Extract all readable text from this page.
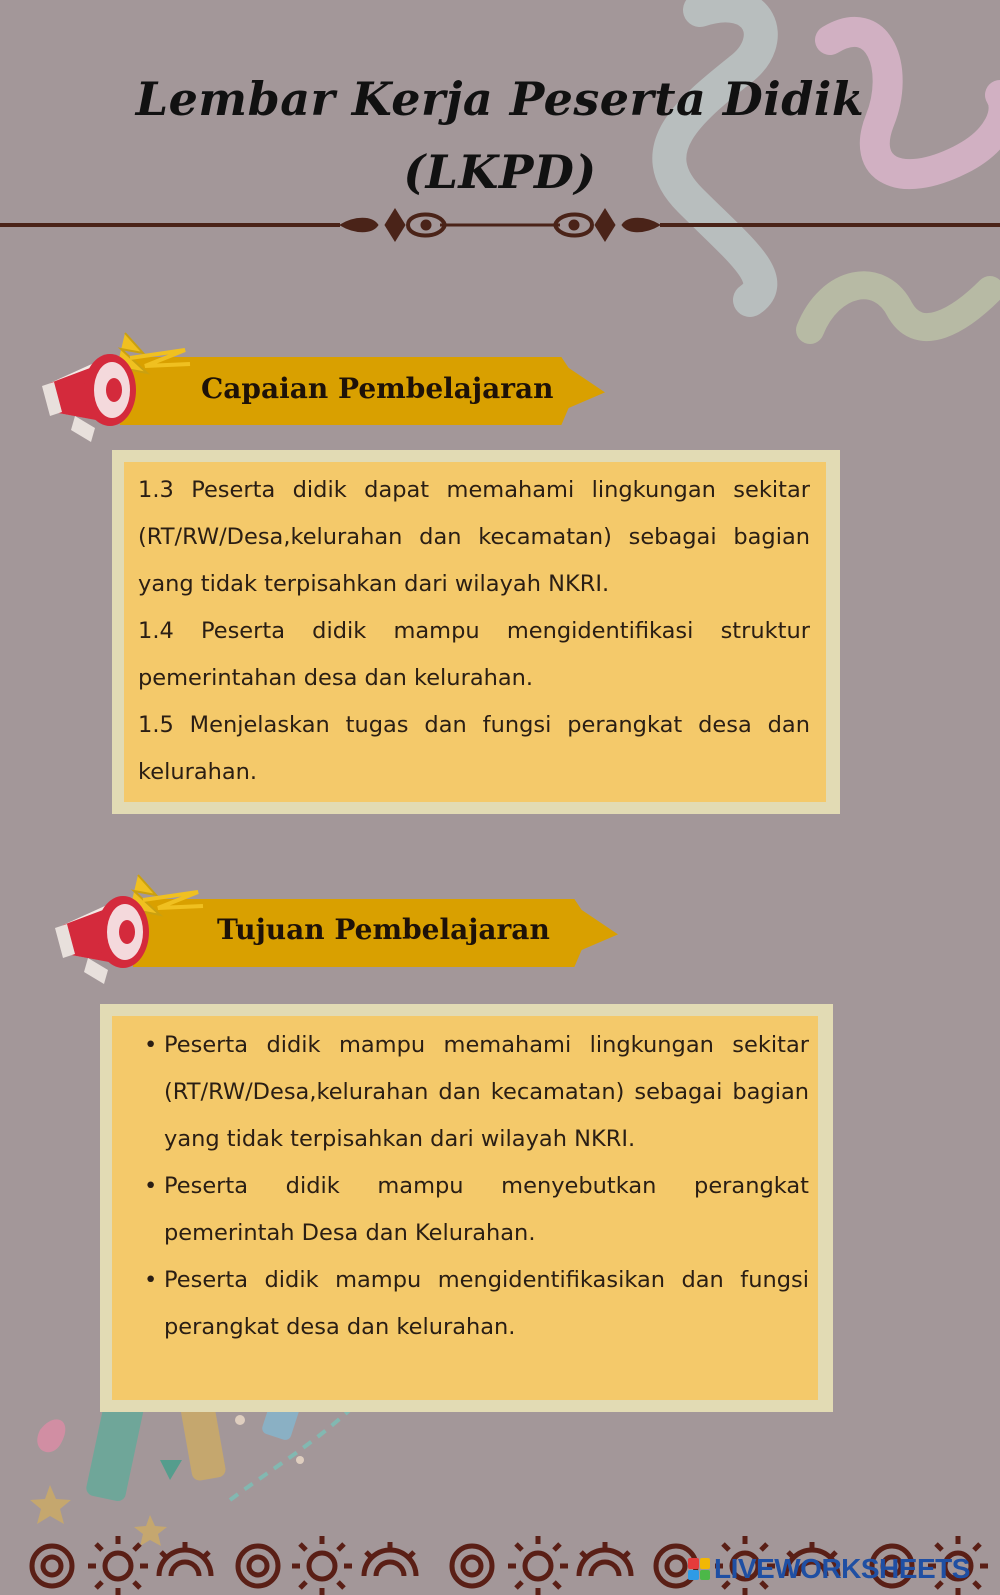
Lembar Kerja Peserta Didik
(LKPD)
Capaian Pembelajaran

1.3 Peserta didik dapat memahami lingkungan sekitar (RT/RW/Desa,kelurahan dan kecamatan) sebagai bagian yang tidak terpisahkan dari wilayah NKRI.

1.4 Peserta didik mampu mengidentifikasi struktur pemerintahan desa dan kelurahan.

1.5 Menjelaskan tugas dan fungsi perangkat desa dan kelurahan.

Tujuan Pembelajaran
• Peserta didik mampu memahami lingkungan sekitar (RT/RW/Desa,kelurahan dan kecamatan) sebagai bagian yang tidak terpisahkan dari wilayah NKRI.
• Peserta didik mampu menyebutkan perangkat pemerintah Desa dan Kelurahan.
• Peserta didik mampu mengidentifikasikan dan fungsi perangkat desa dan kelurahan.
LIVEWORKSHEETS
